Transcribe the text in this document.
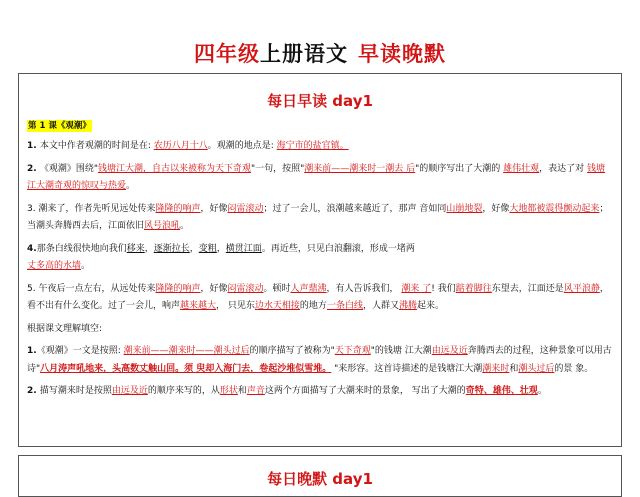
四年级上册语文 早读晚默
每日早读 day1
第 1 课《观潮》
1. 本文中作者观潮的时间是在: 农历八月十八。观潮的地点是: 海宁市的盐官镇。
2. 《观潮》围绕"钱塘江大潮，自古以来被称为天下奇观"一句，按照"潮来前——潮来时一潮去 后"的顺序写出了大潮的 雄伟壮观，表达了对 钱塘江大潮奇观的惊叹与热爱。
3. 潮来了，作者先听见远处传来隆隆的响声，好像闷雷滚动；过了一会儿，浪潮越来越近了，那声 音如同山崩地裂，好像大地都被震得颤动起来；当潮头奔腾西去后，江面依旧风号浪吼。
4.那条白线很快地向我们移来，逐渐拉长，变粗，横贯江面。再近些，只见白浪翻滚，形成一堵两
丈多高的水墙。
5. 午夜后一点左右，从远处传来隆隆的响声，好像闷雷滚动。顿时人声鼎沸，有人告诉我们， 潮来 了! 我们踮着脚往东望去，江面还是风平浪静，看不出有什么变化。过了一会儿，响声越来越大， 只见东边水天相接的地方一条白线，人群又沸腾起来。
根据课文理解填空:
1.《观潮》一文是按照: 潮来前——潮来时——潮头过后的顺序描写了被称为"天下奇观"的钱塘 江大潮由远及近奔腾西去的过程，这种景象可以用古诗"八月涛声吼地来，头高数丈触山回。须 臾却入海门去，卷起沙堆似雪堆。 "来形容。这首诗描述的是钱塘江大潮潮来时和潮头过后的景 象。
2. 描写潮来时是按照由远及近的顺序来写的，从形状和声音这两个方面描写了大潮来时的景象， 写出了大潮的奇特、雄伟、壮观。
每日晚默 day1
